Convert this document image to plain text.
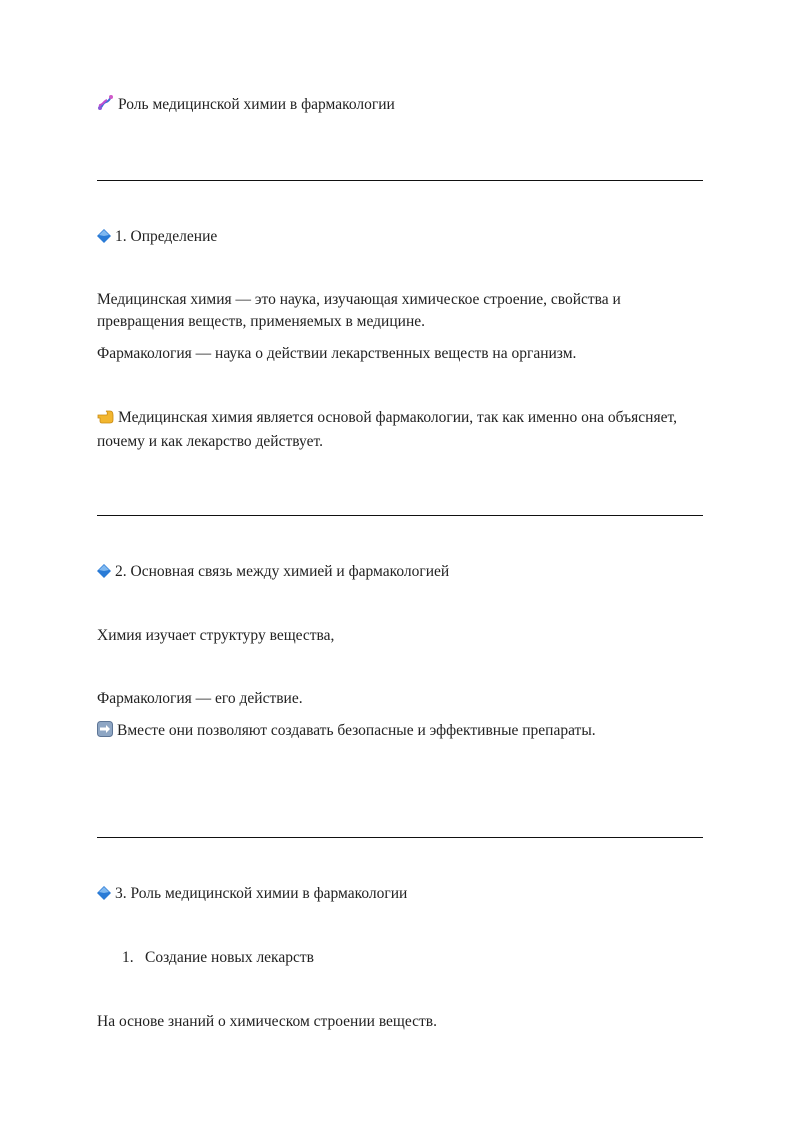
Роль медицинской химии в фармакологии
1. Определение
Медицинская химия — это наука, изучающая химическое строение, свойства и превращения веществ, применяемых в медицине.
Фармакология — наука о действии лекарственных веществ на организм.
Медицинская химия является основой фармакологии, так как именно она объясняет, почему и как лекарство действует.
2. Основная связь между химией и фармакологией
Химия изучает структуру вещества,
Фармакология — его действие.
Вместе они позволяют создавать безопасные и эффективные препараты.
3. Роль медицинской химии в фармакологии
1. Создание новых лекарств
На основе знаний о химическом строении веществ.
